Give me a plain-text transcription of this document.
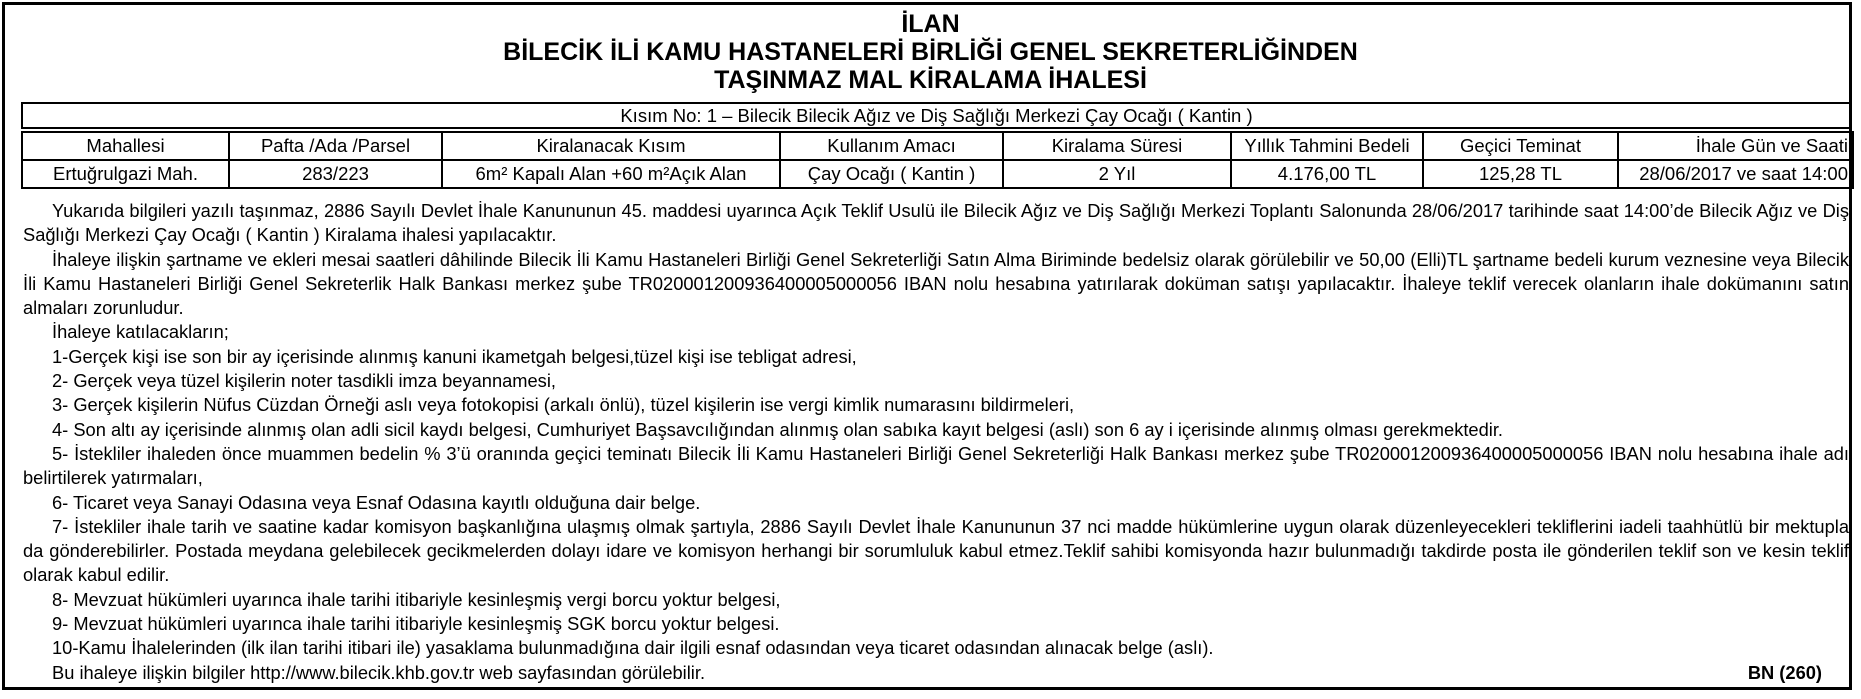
İLAN
BİLECİK İLİ KAMU HASTANELERİ BİRLİĞİ GENEL SEKRETERLİĞİNDEN
TAŞINMAZ MAL KİRALAMA İHALESİ
Kısım No: 1 – Bilecik Bilecik Ağız ve Diş Sağlığı Merkezi Çay Ocağı ( Kantin )
Mahallesi	Pafta /Ada /Parsel	Kiralanacak Kısım	Kullanım Amacı	Kiralama Süresi	Yıllık Tahmini Bedeli	Geçici Teminat	İhale Gün ve Saati
Ertuğrulgazi Mah.	283/223	6m² Kapalı Alan +60 m²Açık Alan	Çay Ocağı ( Kantin )	2 Yıl	4.176,00 TL	125,28 TL	28/06/2017 ve saat 14:00

Yukarıda bilgileri yazılı taşınmaz, 2886 Sayılı Devlet İhale Kanununun 45. maddesi uyarınca Açık Teklif Usulü ile Bilecik Ağız ve Diş Sağlığı Merkezi Toplantı Salonunda 28/06/2017 tarihinde saat 14:00’de Bilecik Ağız ve Diş Sağlığı Merkezi Çay Ocağı ( Kantin ) Kiralama ihalesi yapılacaktır.

İhaleye ilişkin şartname ve ekleri mesai saatleri dâhilinde Bilecik İli Kamu Hastaneleri Birliği Genel Sekreterliği Satın Alma Biriminde bedelsiz olarak görülebilir ve 50,00 (Elli)TL şartname bedeli kurum veznesine veya Bilecik İli Kamu Hastaneleri Birliği Genel Sekreterlik Halk Bankası merkez şube TR020001200936400005000056 IBAN nolu hesabına yatırılarak doküman satışı yapılacaktır. İhaleye teklif verecek olanların ihale dokümanını satın almaları zorunludur.

İhaleye katılacakların;

1-Gerçek kişi ise son bir ay içerisinde alınmış kanuni ikametgah belgesi,tüzel kişi ise tebligat adresi,

2- Gerçek veya tüzel kişilerin noter tasdikli imza beyannamesi,

3- Gerçek kişilerin Nüfus Cüzdan Örneği aslı veya fotokopisi (arkalı önlü), tüzel kişilerin ise vergi kimlik numarasını bildirmeleri,

4- Son altı ay içerisinde alınmış olan adli sicil kaydı belgesi, Cumhuriyet Başsavcılığından alınmış olan sabıka kayıt belgesi (aslı) son 6 ay i içerisinde alınmış olması gerekmektedir.

5- İstekliler ihaleden önce muammen bedelin % 3’ü oranında geçici teminatı Bilecik İli Kamu Hastaneleri Birliği Genel Sekreterliği Halk Bankası merkez şube TR020001200936400005000056 IBAN nolu hesabına ihale adı belirtilerek yatırmaları,

6- Ticaret veya Sanayi Odasına veya Esnaf Odasına kayıtlı olduğuna dair belge.

7- İstekliler ihale tarih ve saatine kadar komisyon başkanlığına ulaşmış olmak şartıyla, 2886 Sayılı Devlet İhale Kanununun 37 nci madde hükümlerine uygun olarak düzenleyecekleri tekliflerini iadeli taahhütlü bir mektupla da gönderebilirler. Postada meydana gelebilecek gecikmelerden dolayı idare ve komisyon herhangi bir sorumluluk kabul etmez.Teklif sahibi komisyonda hazır bulunmadığı takdirde posta ile gönderilen teklif son ve kesin teklif olarak kabul edilir.

8- Mevzuat hükümleri uyarınca ihale tarihi itibariyle kesinleşmiş vergi borcu yoktur belgesi,

9- Mevzuat hükümleri uyarınca ihale tarihi itibariyle kesinleşmiş SGK borcu yoktur belgesi.

10-Kamu İhalelerinden (ilk ilan tarihi itibari ile) yasaklama bulunmadığına dair ilgili esnaf odasından veya ticaret odasından alınacak belge (aslı).

Bu ihaleye ilişkin bilgiler http://www.bilecik.khb.gov.tr web sayfasından görülebilir.	BN (260)
